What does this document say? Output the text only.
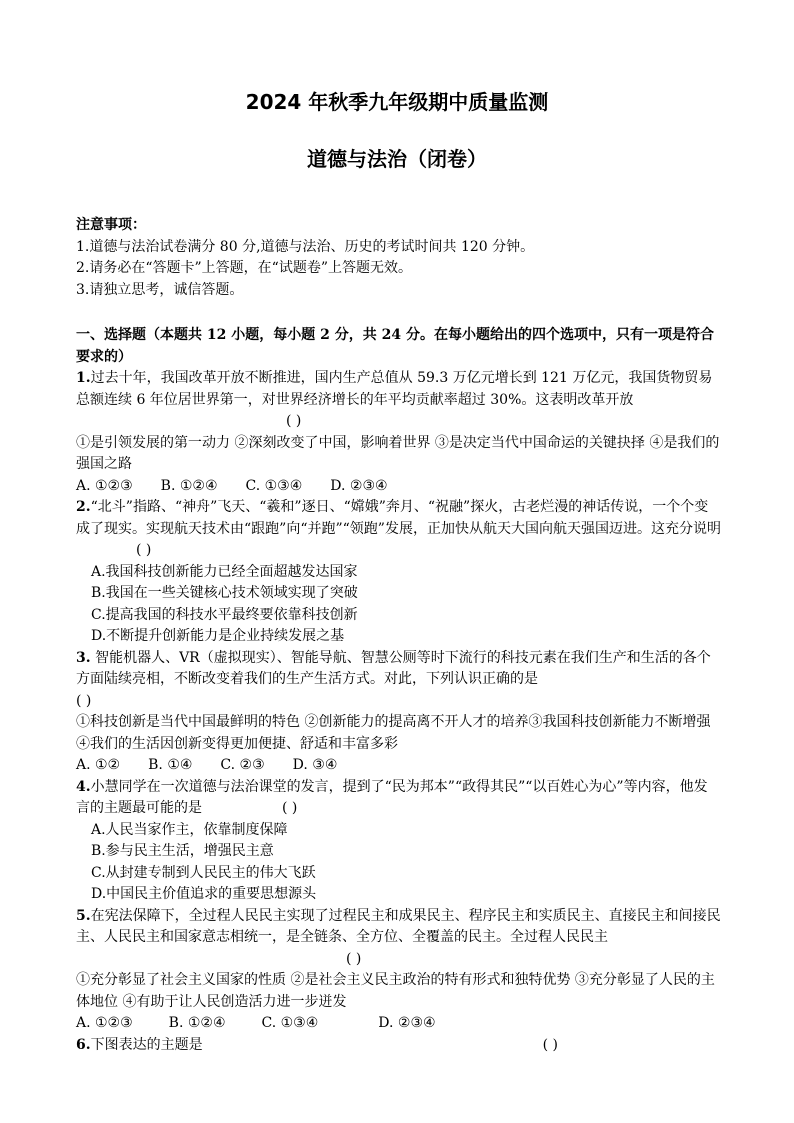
2024 年秋季九年级期中质量监测
道德与法治（闭卷）
注意事项：
1.道德与法治试卷满分 80 分,道德与法治、历史的考试时间共 120 分钟。
2.请务必在“答题卡”上答题，在“试题卷”上答题无效。
3.请独立思考，诚信答题。
一、选择题（本题共 12 小题，每小题 2 分，共 24 分。在每小题给出的四个选项中，只有一项是符合要求的）
1.过去十年，我国改革开放不断推进，国内生产总值从 59.3 万亿元增长到 121 万亿元，我国货物贸易总额连续 6 年位居世界第一，对世界经济增长的年平均贡献率超过 30%。这表明改革开放( )
①是引领发展的第一动力 ②深刻改变了中国，影响着世界 ③是决定当代中国命运的关键抉择 ④是我们的强国之路
A. ①②③ B. ①②④ C. ①③④ D. ②③④
2.“北斗”指路、“神舟”飞天、“羲和”逐日、“嫦娥”奔月、“祝融”探火，古老烂漫的神话传说，一个个变成了现实。实现航天技术由“跟跑”向“并跑”“领跑”发展，正加快从航天大国向航天强国迈进。这充分说明( )
A.我国科技创新能力已经全面超越发达国家
B.我国在一些关键核心技术领域实现了突破
C.提高我国的科技水平最终要依靠科技创新
D.不断提升创新能力是企业持续发展之基
3. 智能机器人、VR（虚拟现实）、智能导航、智慧公厕等时下流行的科技元素在我们生产和生活的各个方面陆续亮相，不断改变着我们的生产生活方式。对此，下列认识正确的是
( )
①科技创新是当代中国最鲜明的特色 ②创新能力的提高离不开人才的培养③我国科技创新能力不断增强 ④我们的生活因创新变得更加便捷、舒适和丰富多彩
A. ①② B. ①④ C. ②③ D. ③④
4.小慧同学在一次道德与法治课堂的发言，提到了“民为邦本”“政得其民”“以百姓心为心”等内容，他发言的主题最可能的是	( )
A.人民当家作主，依靠制度保障
B.参与民主生活，增强民主意
C.从封建专制到人民民主的伟大飞跃
D.中国民主价值追求的重要思想源头
5.在宪法保障下，全过程人民民主实现了过程民主和成果民主、程序民主和实质民主、直接民主和间接民主、人民民主和国家意志相统一，是全链条、全方位、全覆盖的民主。全过程人民民主( )
①充分彰显了社会主义国家的性质 ②是社会主义民主政治的特有形式和独特优势 ③充分彰显了人民的主体地位 ④有助于让人民创造活力进一步迸发
A. ①②③	B. ①②④	C. ①③④	D. ②③④
6.下图表达的主题是	( )
